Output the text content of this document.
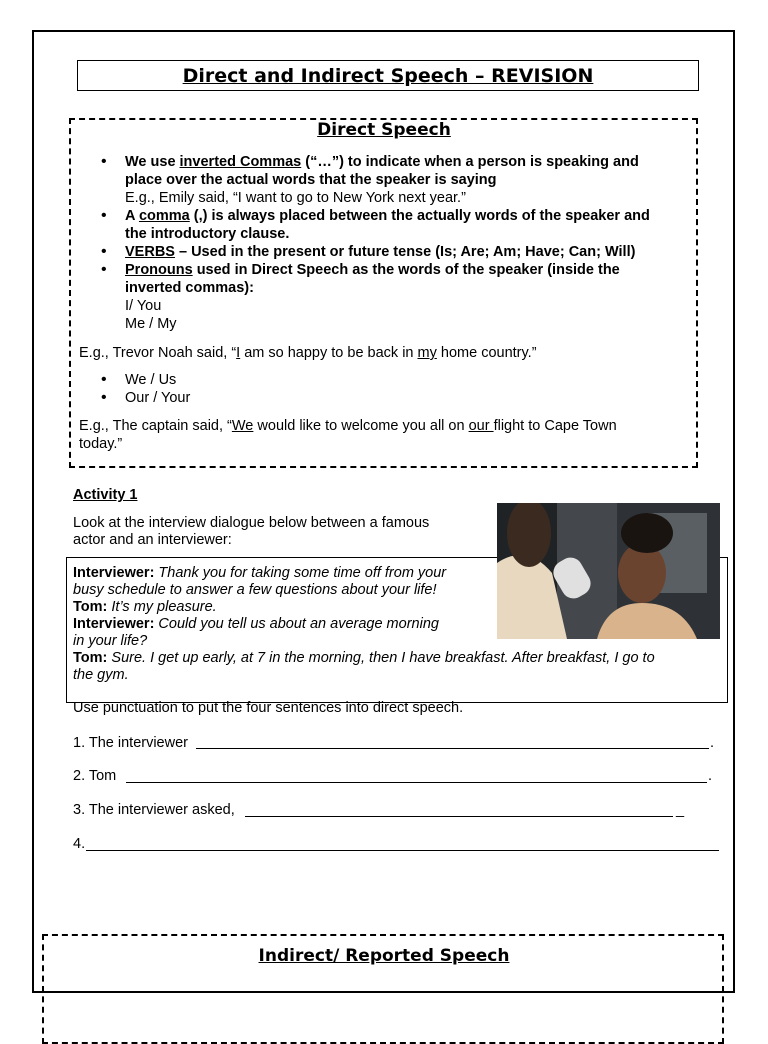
Direct and Indirect Speech – REVISION
Direct Speech
• We use inverted Commas (“…”) to indicate when a person is speaking and
place over the actual words that the speaker is saying
E.g., Emily said, “I want to go to New York next year.”
• A comma (,) is always placed between the actually words of the speaker and
the introductory clause.
• VERBS – Used in the present or future tense (Is; Are; Am; Have; Can; Will)
• Pronouns used in Direct Speech as the words of the speaker (inside the
inverted commas):
I/ You
Me / My
E.g., Trevor Noah said, “I am so happy to be back in my home country.”
• We / Us
• Our / Your
E.g., The captain said, “We would like to welcome you all on our flight to Cape Town
today.”
Activity 1
Look at the interview dialogue below between a famous
actor and an interviewer:
Interviewer: Thank you for taking some time off from your
busy schedule to answer a few questions about your life!
Tom: It’s my pleasure.
Interviewer: Could you tell us about an average morning
in your life?
Tom: Sure. I get up early, at 7 in the morning, then I have breakfast. After breakfast, I go to
the gym.
Use punctuation to put the four sentences into direct speech.
1. The interviewer	.
2. Tom	.
3. The interviewer asked,	_
4.
Indirect/ Reported Speech
